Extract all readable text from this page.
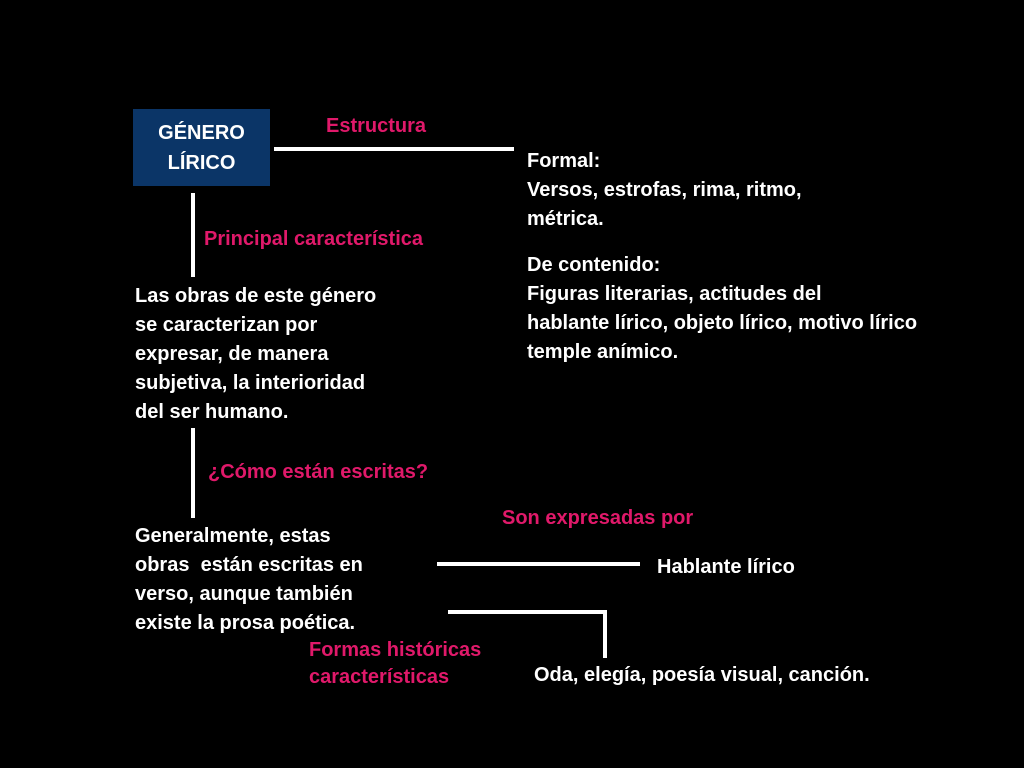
GÉNERO
LÍRICO
Estructura
Principal característica
¿Cómo están escritas?
Son expresadas por
Formas históricas
características
Formal:
Versos, estrofas, rima, ritmo,
métrica.
De contenido:
Figuras literarias, actitudes del
hablante lírico, objeto lírico, motivo lírico
temple anímico.
Las obras de este género
se caracterizan por
expresar, de manera
subjetiva, la interioridad
del ser humano.
Generalmente, estas
obras  están escritas en
verso, aunque también
existe la prosa poética.
Hablante lírico
Oda, elegía, poesía visual, canción.
